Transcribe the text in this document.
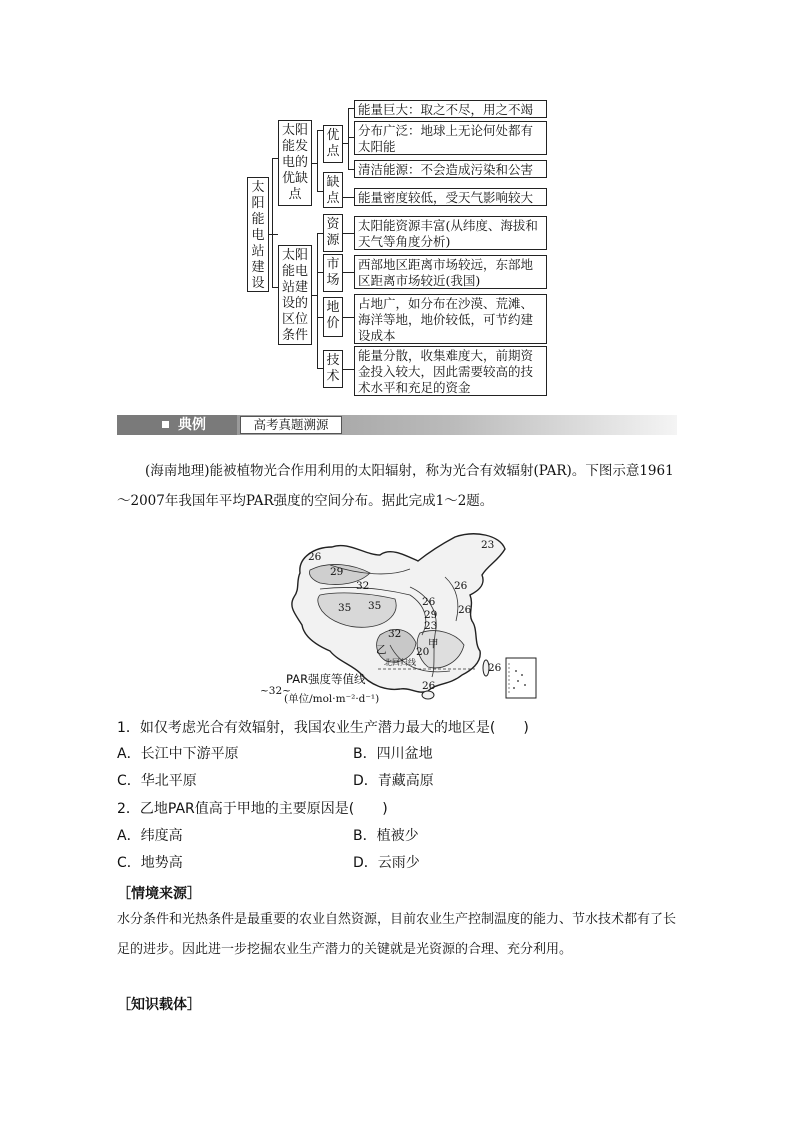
太阳能电站建设
太阳能发电的优缺点
太阳能电站建设的区位条件
优点
缺点
能量巨大：取之不尽，用之不竭
分布广泛：地球上无论何处都有太阳能
清洁能源：不会造成污染和公害
能量密度较低，受天气影响较大
资源
市场
地价
技术
太阳能资源丰富(从纬度、海拔和天气等角度分析)
西部地区距离市场较远，东部地区距离市场较近(我国)
占地广，如分布在沙漠、荒滩、海洋等地，地价较低，可节约建设成本
能量分散，收集难度大，前期资金投入较大，因此需要较高的技术水平和充足的资金
典例	高考真题溯源
(海南地理)能被植物光合作用利用的太阳辐射，称为光合有效辐射(PAR)。下图示意1961～2007年我国年平均PAR强度的空间分布。据此完成1～2题。
26
23
29
32
35 35
26
26
29 26
23
32
20
26
26
乙	甲
北回归线
~32~
PAR强度等值线
(单位/mol·m⁻²·d⁻¹)
1．如仅考虑光合有效辐射，我国农业生产潜力最大的地区是(　　)
A．长江中下游平原	B．四川盆地
C．华北平原	D．青藏高原
2．乙地PAR值高于甲地的主要原因是(　　)
A．纬度高	B．植被少
C．地势高	D．云雨少
［情境来源］
水分条件和光热条件是最重要的农业自然资源，目前农业生产控制温度的能力、节水技术都有了长足的进步。因此进一步挖掘农业生产潜力的关键就是光资源的合理、充分利用。
［知识载体］
